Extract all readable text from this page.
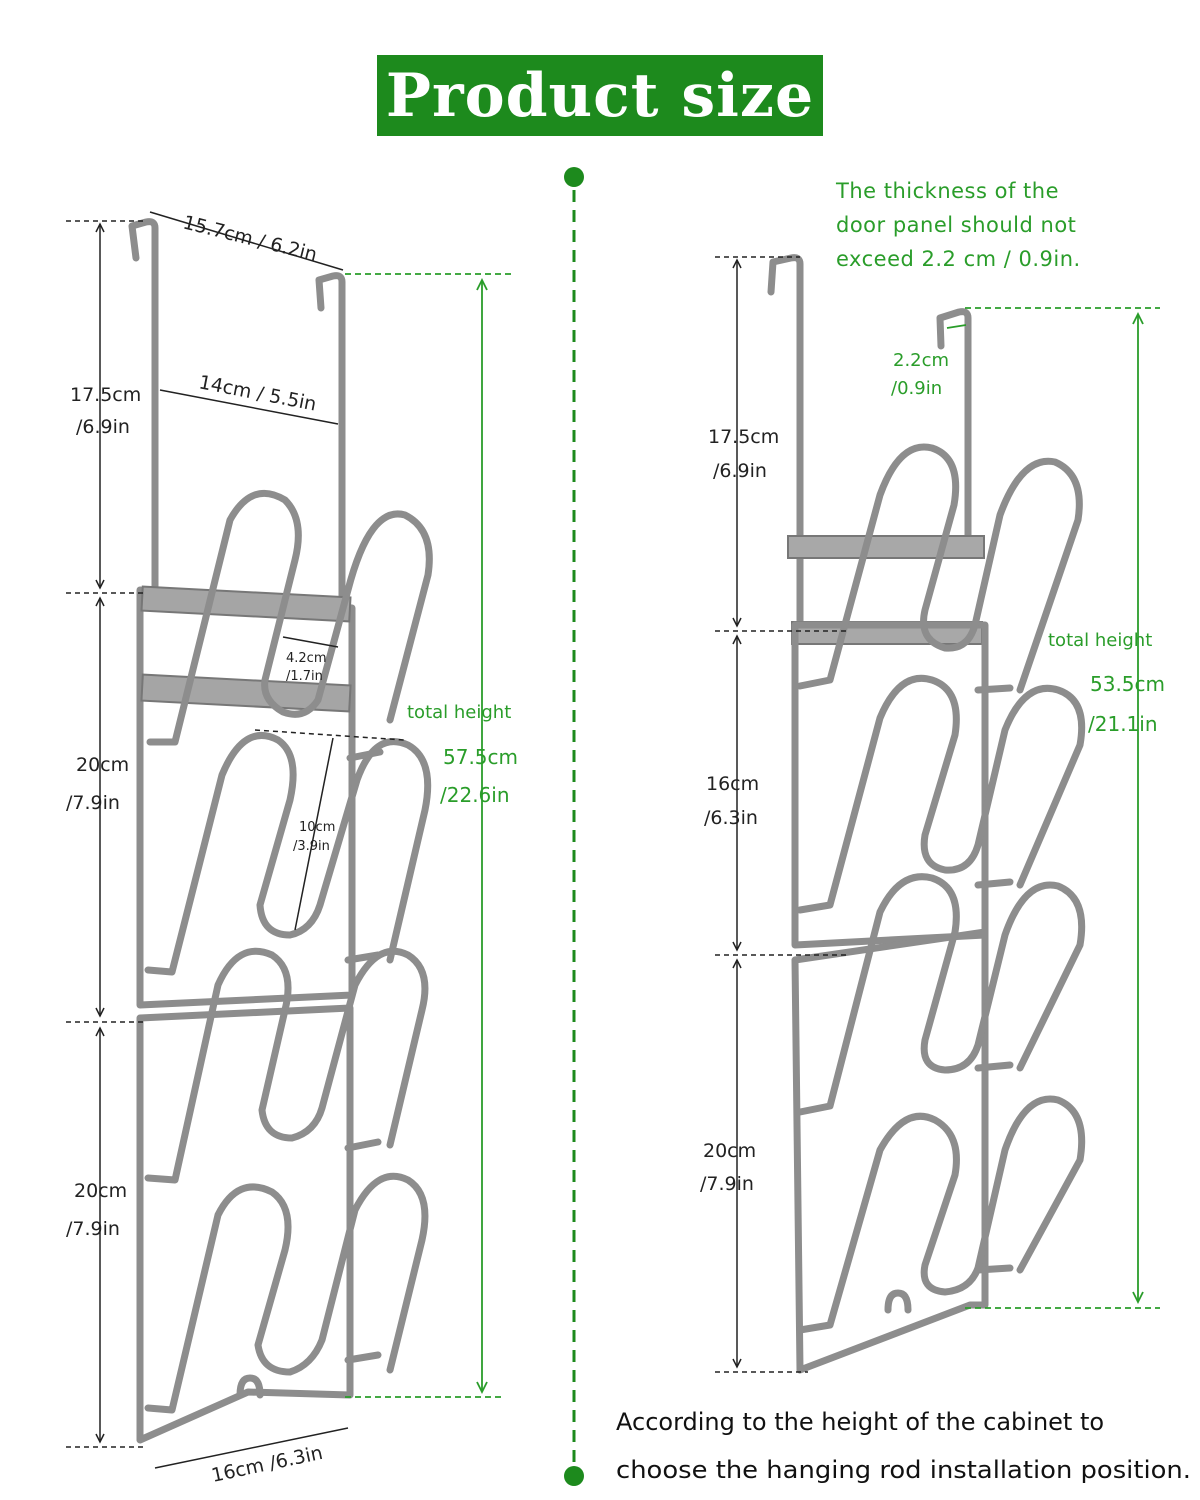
Product size
15.7cm / 6.2in
14cm / 5.5in
17.5cm
/6.9in
20cm
/7.9in
20cm
/7.9in
4.2cm
/1.7in
10cm
/3.9in
16cm /6.3in
total height
57.5cm
/22.6in
The thickness of the
door panel should not
exceed 2.2 cm / 0.9in.
2.2cm
/0.9in
17.5cm
/6.9in
16cm
/6.3in
20cm
/7.9in
total height
53.5cm
/21.1in
According to the height of the cabinet to
choose the hanging rod installation position.
